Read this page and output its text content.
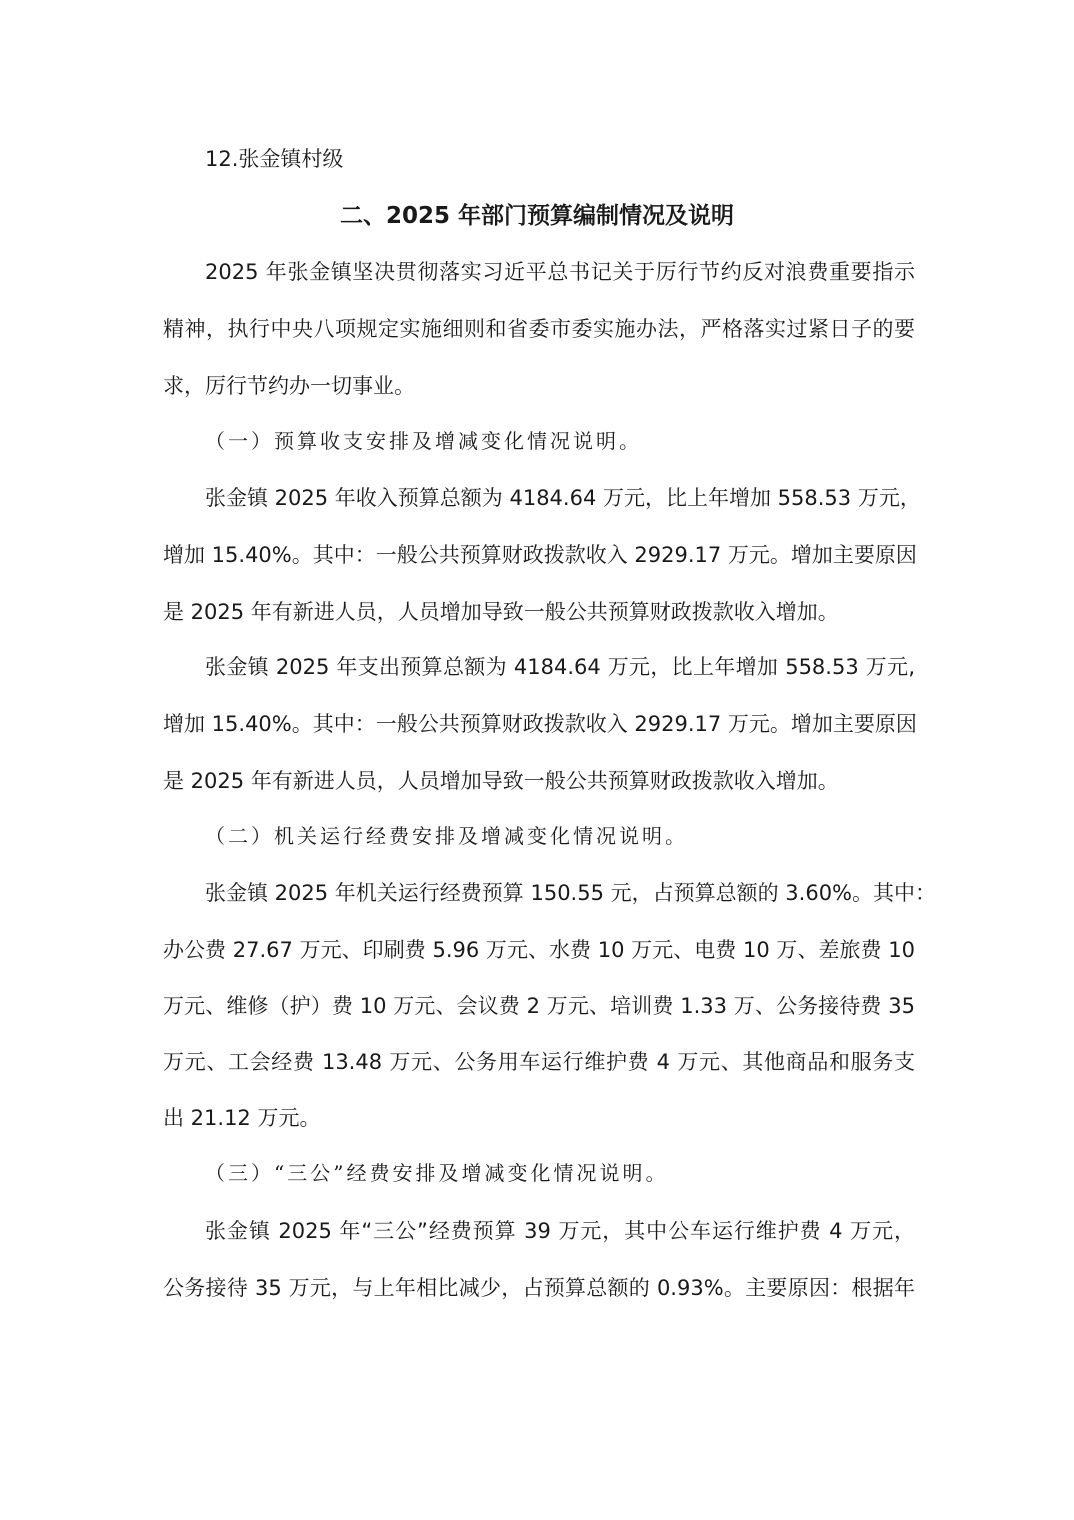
12.张金镇村级
二、2025 年部门预算编制情况及说明
2025 年张金镇坚决贯彻落实习近平总书记关于厉行节约反对浪费重要指示
精神，执行中央八项规定实施细则和省委市委实施办法，严格落实过紧日子的要
求，厉行节约办一切事业。
（一）预算收支安排及增减变化情况说明。
张金镇 2025 年收入预算总额为 4184.64 万元，比上年增加 558.53 万元，
增加 15.40%。其中：一般公共预算财政拨款收入 2929.17 万元。增加主要原因
是 2025 年有新进人员，人员增加导致一般公共预算财政拨款收入增加。
张金镇 2025 年支出预算总额为 4184.64 万元，比上年增加 558.53 万元,
增加 15.40%。其中：一般公共预算财政拨款收入 2929.17 万元。增加主要原因
是 2025 年有新进人员，人员增加导致一般公共预算财政拨款收入增加。
（二）机关运行经费安排及增减变化情况说明。
张金镇 2025 年机关运行经费预算 150.55 元，占预算总额的 3.60%。其中：
办公费 27.67 万元、印刷费 5.96 万元、水费 10 万元、电费 10 万、差旅费 10
万元、维修（护）费 10 万元、会议费 2 万元、培训费 1.33 万、公务接待费 35
万元、工会经费 13.48 万元、公务用车运行维护费 4 万元、其他商品和服务支
出 21.12 万元。
（三）“三公”经费安排及增减变化情况说明。
张金镇 2025 年“三公”经费预算 39 万元，其中公车运行维护费 4 万元，
公务接待 35 万元，与上年相比减少，占预算总额的 0.93%。主要原因：根据年
